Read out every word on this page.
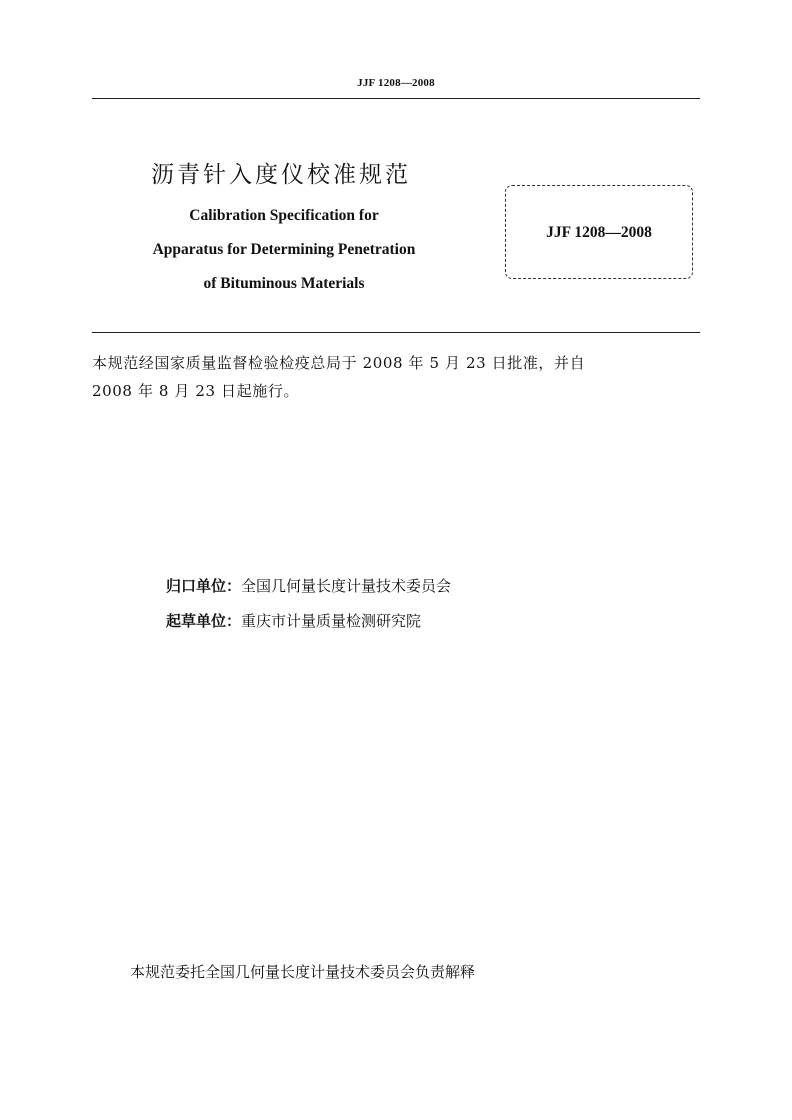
JJF 1208—2008
沥青针入度仪校准规范
Calibration Specification for
Apparatus for Determining Penetration
of Bituminous Materials
JJF 1208—2008
本规范经国家质量监督检验检疫总局于 2008 年 5 月 23 日批准，并自
2008 年 8 月 23 日起施行。
归口单位：全国几何量长度计量技术委员会
起草单位：重庆市计量质量检测研究院
本规范委托全国几何量长度计量技术委员会负责解释
